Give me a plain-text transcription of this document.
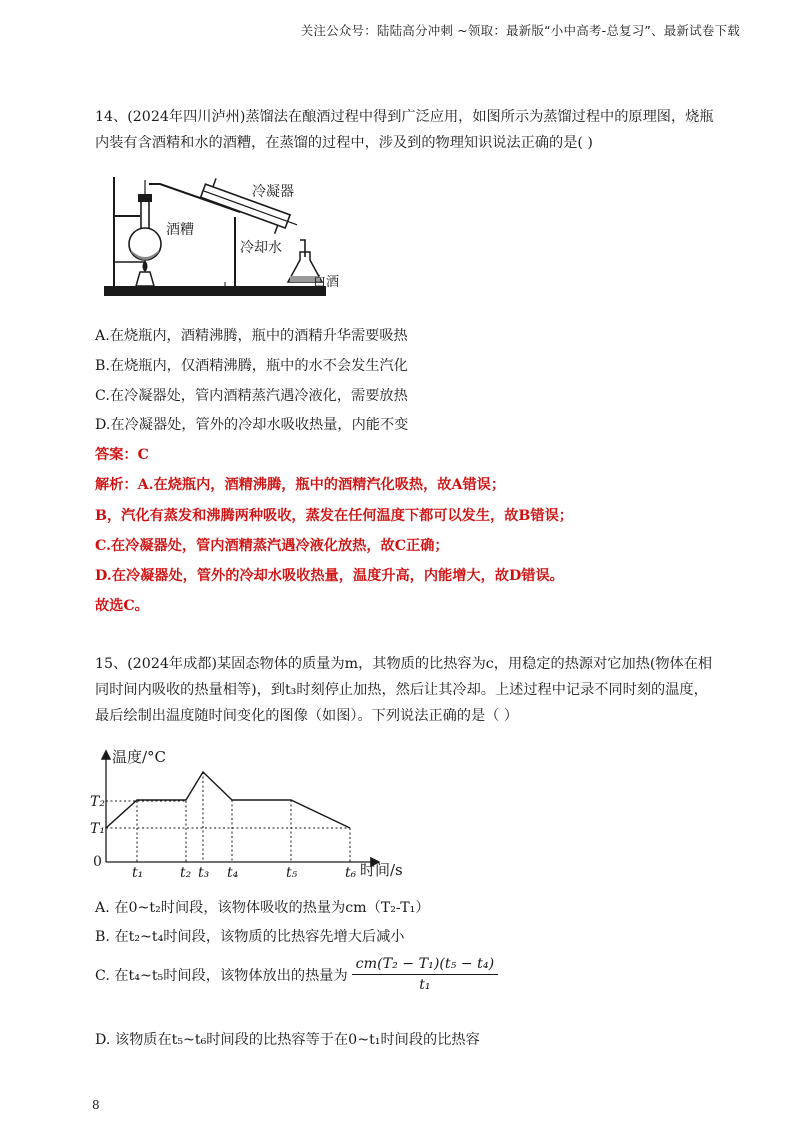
关注公众号：陆陆高分冲刺 ~领取：最新版“小中高考-总复习”、最新试卷下载
14、(2024年四川泸州)蒸馏法在酿酒过程中得到广泛应用，如图所示为蒸馏过程中的原理图，烧瓶内装有含酒精和水的酒糟，在蒸馏的过程中，涉及到的物理知识说法正确的是( )
冷凝器
酒糟
冷却水
白酒
A.在烧瓶内，酒精沸腾，瓶中的酒精升华需要吸热
B.在烧瓶内，仅酒精沸腾，瓶中的水不会发生汽化
C.在冷凝器处，管内酒精蒸汽遇冷液化，需要放热
D.在冷凝器处，管外的冷却水吸收热量，内能不变
答案：C
解析：A.在烧瓶内，酒精沸腾，瓶中的酒精汽化吸热，故A错误；
B，汽化有蒸发和沸腾两种吸收，蒸发在任何温度下都可以发生，故B错误；
C.在冷凝器处，管内酒精蒸汽遇冷液化放热，故C正确；
D.在冷凝器处，管外的冷却水吸收热量，温度升高，内能增大，故D错误。
故选C。
15、(2024年成都)某固态物体的质量为m，其物质的比热容为c，用稳定的热源对它加热(物体在相同时间内吸收的热量相等)，到t₃时刻停止加热，然后让其冷却。上述过程中记录不同时刻的温度，最后绘制出温度随时间变化的图像（如图）。下列说法正确的是（ ）
温度/°C
T₂
T₁
0
t₁	t₂ t₃ t₄	t₅	t₆ 时间/s
A. 在0~t₂时间段，该物体吸收的热量为cm（T₂-T₁）
B. 在t₂~t₄时间段，该物质的比热容先增大后减小
C. 在t₄~t₅时间段，该物体放出的热量为 $\frac{\text{cm(T₂ − T₁)(t₅ − t₄)}}{\text{t₁}}$
D. 该物质在t₅~t₆时间段的比热容等于在0~t₁时间段的比热容
8
